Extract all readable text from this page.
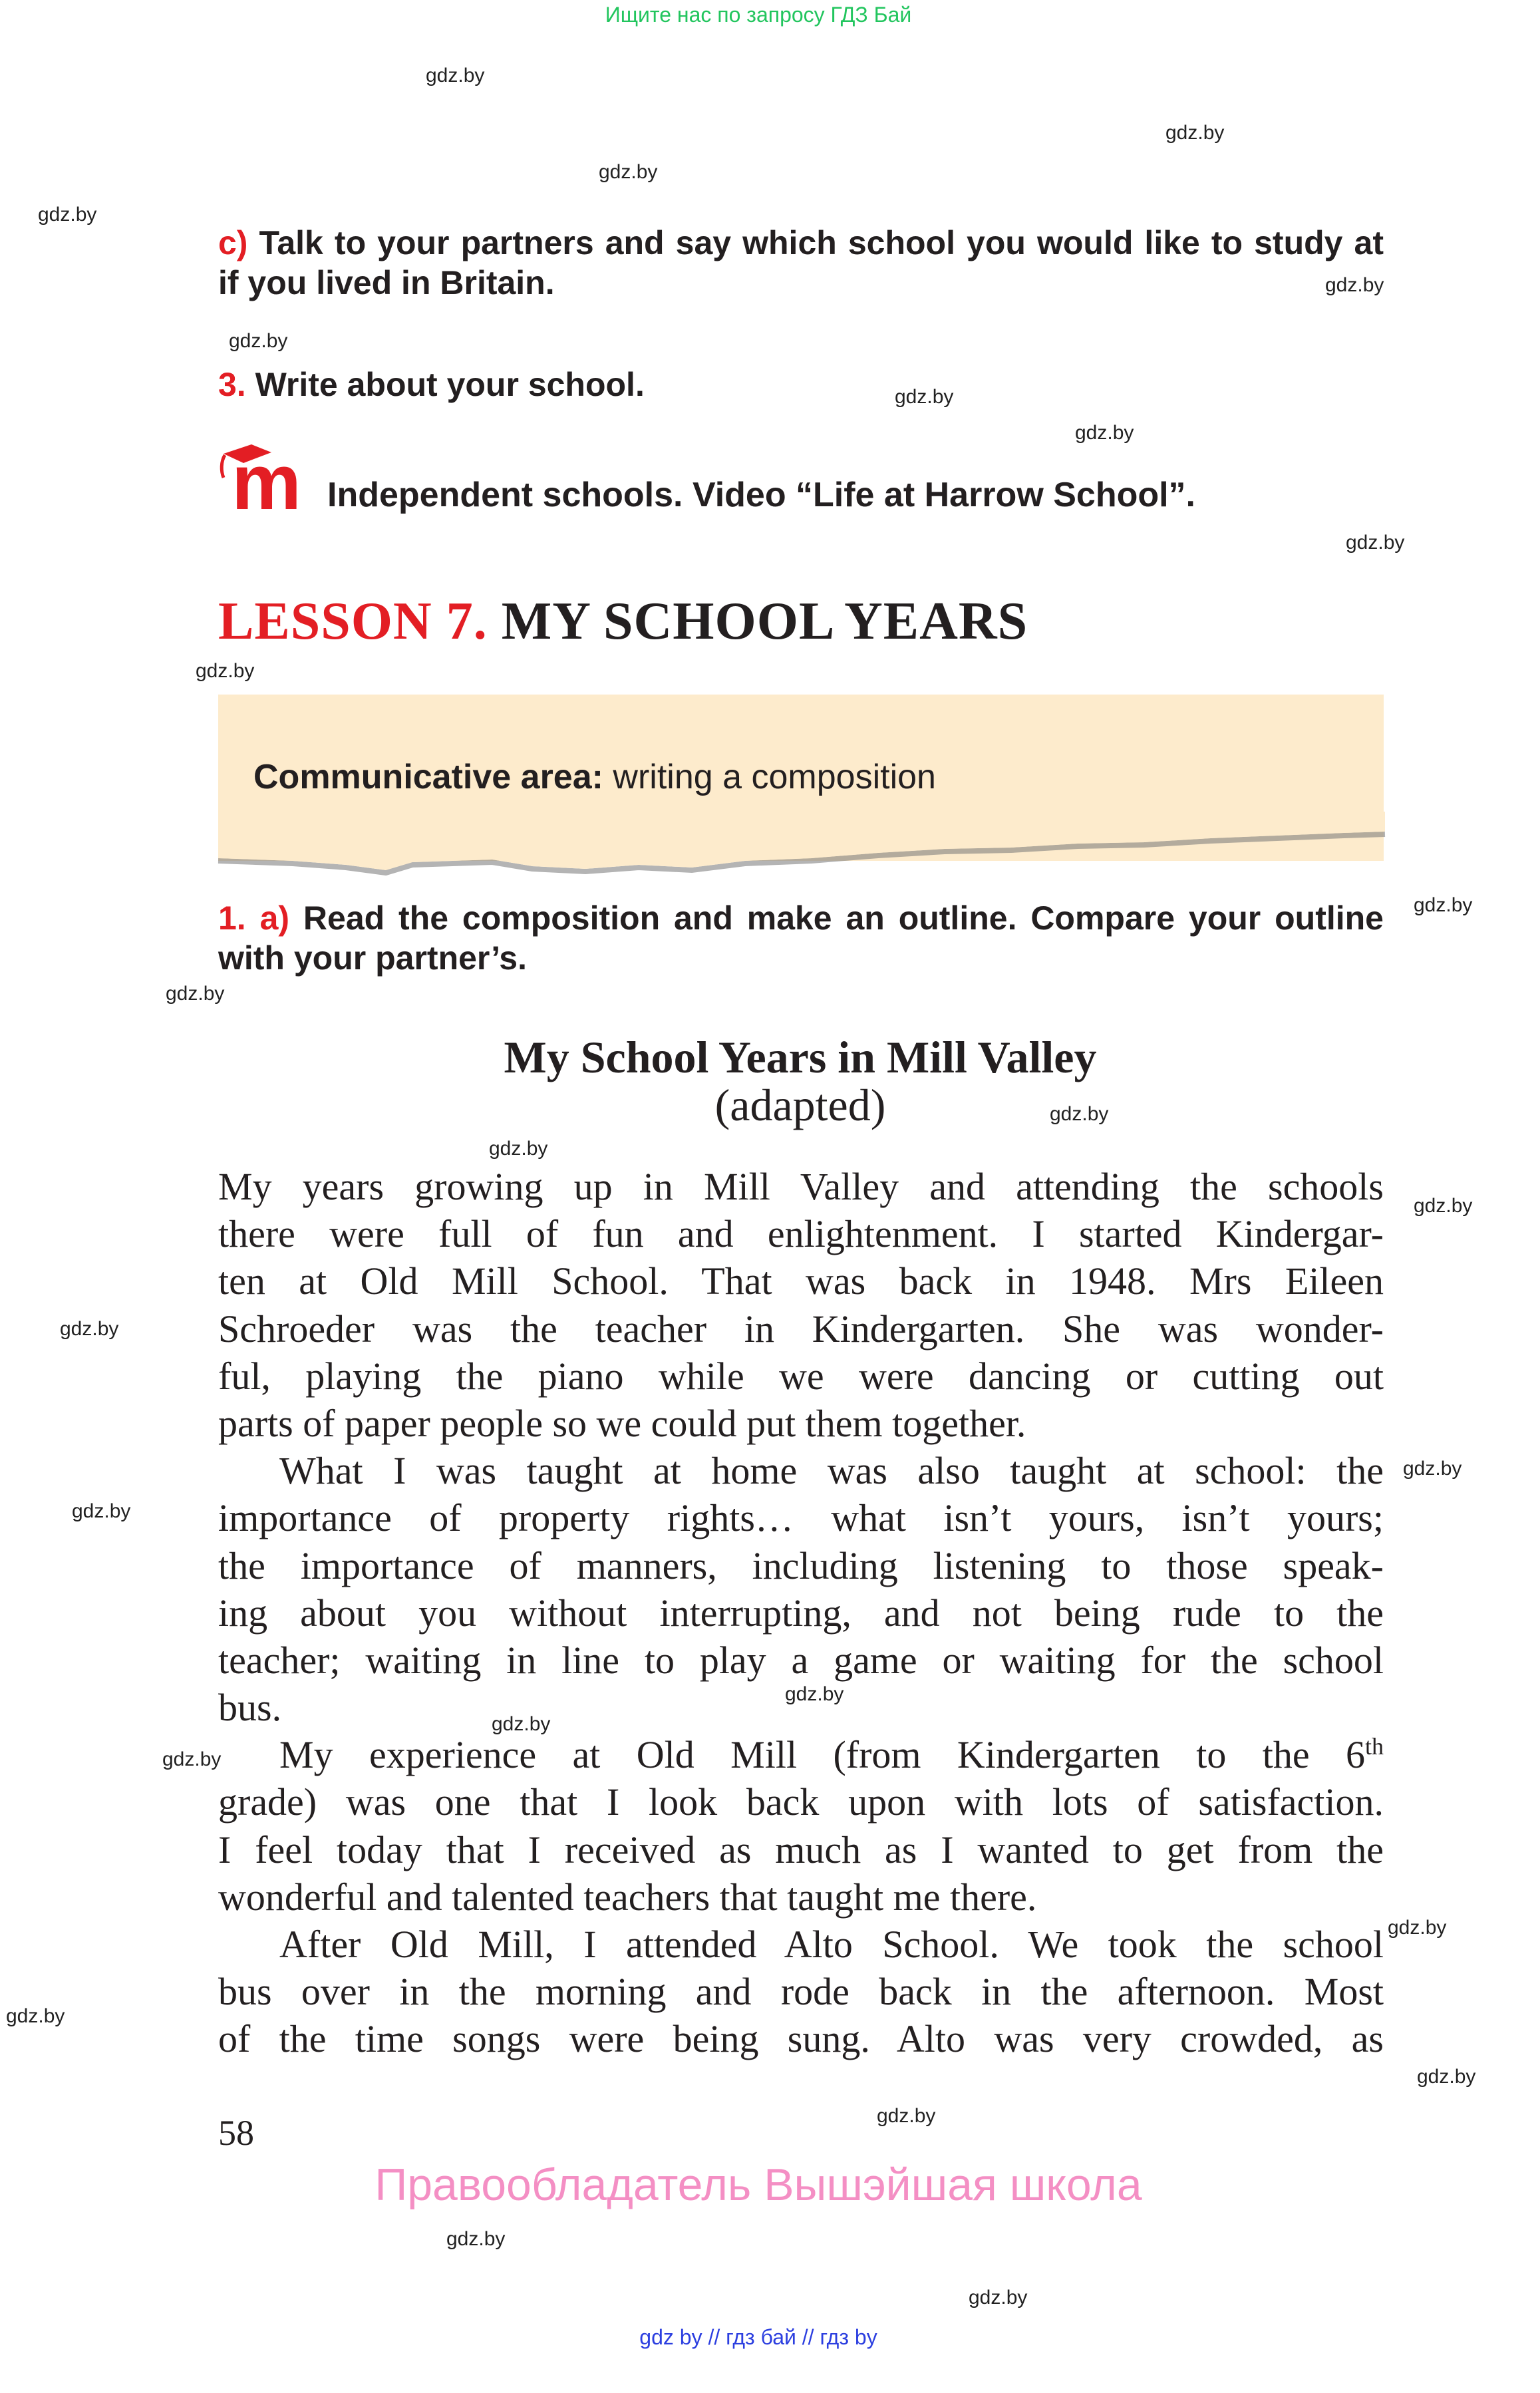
Ищите нас по запросу ГДЗ Бай
gdz.by
gdz.by
gdz.by
gdz.by
gdz.by
gdz.by
gdz.by
gdz.by
gdz.by
gdz.by
gdz.by
gdz.by
gdz.by
gdz.by
gdz.by
gdz.by
gdz.by
gdz.by
gdz.by
gdz.by
gdz.by
gdz.by
gdz.by
gdz.by
gdz.by
gdz.by
gdz.by
c) Talk to your partners and say which school you would like to study at if you lived in Britain.
3. Write about your school.
m Independent schools. Video “Life at Harrow School”.
LESSON 7. MY SCHOOL YEARS
Communicative area: writing a composition
1. a) Read the composition and make an outline. Compare your outline with your partner’s.
My School Years in Mill Valley
(adapted)
My years growing up in Mill Valley and attending the schools
there were full of fun and enlightenment. I started Kindergar-
ten at Old Mill School. That was back in 1948. Mrs Eileen
Schroeder was the teacher in Kindergarten. She was wonder-
ful, playing the piano while we were dancing or cutting out
parts of paper people so we could put them together.
What I was taught at home was also taught at school: the
importance of property rights… what isn’t yours, isn’t yours;
the importance of manners, including listening to those speak-
ing about you without interrupting, and not being rude to the
teacher; waiting in line to play a game or waiting for the school
bus.
My experience at Old Mill (from Kindergarten to the 6th
grade) was one that I look back upon with lots of satisfaction.
I feel today that I received as much as I wanted to get from the
wonderful and talented teachers that taught me there.
After Old Mill, I attended Alto School. We took the school
bus over in the morning and rode back in the afternoon. Most
of the time songs were being sung. Alto was very crowded, as
58
Правообладатель Вышэйшая школа
gdz by // гдз бай // гдз by
